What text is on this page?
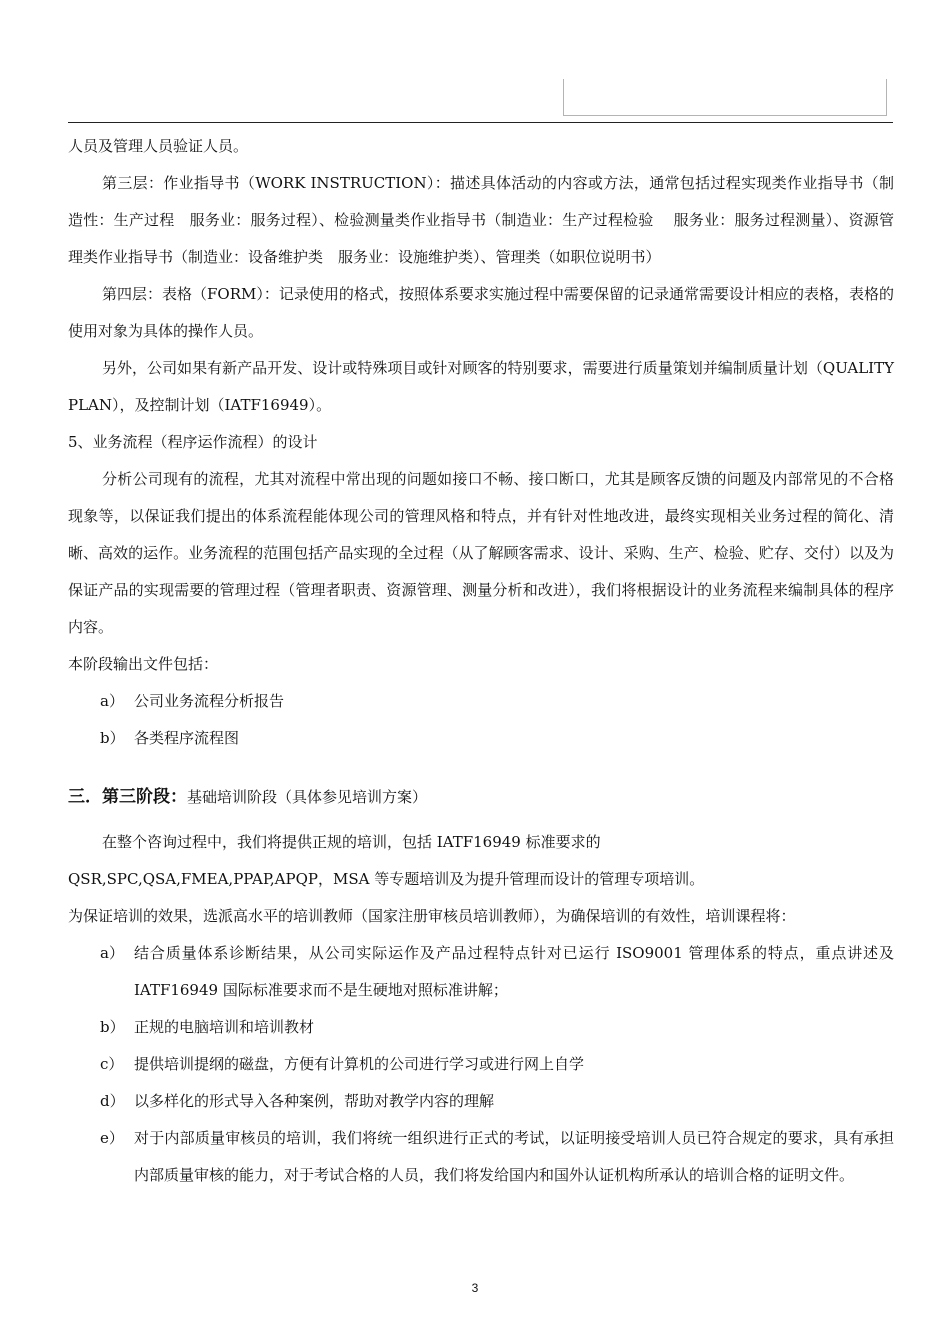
人员及管理人员验证人员。

第三层：作业指导书（WORK INSTRUCTION）：描述具体活动的内容或方法，通常包括过程实现类作业指导书（制造性：生产过程　服务业：服务过程）、检验测量类作业指导书（制造业：生产过程检验　 服务业：服务过程测量）、资源管理类作业指导书（制造业：设备维护类　服务业：设施维护类）、管理类（如职位说明书）

第四层：表格（FORM）：记录使用的格式，按照体系要求实施过程中需要保留的记录通常需要设计相应的表格，表格的使用对象为具体的操作人员。

另外，公司如果有新产品开发、设计或特殊项目或针对顾客的特别要求，需要进行质量策划并编制质量计划（QUALITY PLAN），及控制计划（IATF16949）。

5、业务流程（程序运作流程）的设计

分析公司现有的流程，尤其对流程中常出现的问题如接口不畅、接口断口，尤其是顾客反馈的问题及内部常见的不合格现象等，以保证我们提出的体系流程能体现公司的管理风格和特点，并有针对性地改进，最终实现相关业务过程的简化、清晰、高效的运作。业务流程的范围包括产品实现的全过程（从了解顾客需求、设计、采购、生产、检验、贮存、交付）以及为保证产品的实现需要的管理过程（管理者职责、资源管理、测量分析和改进），我们将根据设计的业务流程来编制具体的程序内容。

本阶段输出文件包括：

a） 公司业务流程分析报告
b） 各类程序流程图

三．第三阶段：基础培训阶段（具体参见培训方案）

在整个咨询过程中，我们将提供正规的培训，包括 IATF16949 标准要求的

QSR,SPC,QSA,FMEA,PPAP,APQP，MSA 等专题培训及为提升管理而设计的管理专项培训。

为保证培训的效果，选派高水平的培训教师（国家注册审核员培训教师），为确保培训的有效性，培训课程将：

a） 结合质量体系诊断结果，从公司实际运作及产品过程特点针对已运行 ISO9001 管理体系的特点，重点讲述及 IATF16949 国际标准要求而不是生硬地对照标准讲解；
b） 正规的电脑培训和培训教材
c） 提供培训提纲的磁盘，方便有计算机的公司进行学习或进行网上自学
d） 以多样化的形式导入各种案例，帮助对教学内容的理解
e） 对于内部质量审核员的培训，我们将统一组织进行正式的考试，以证明接受培训人员已符合规定的要求，具有承担内部质量审核的能力，对于考试合格的人员，我们将发给国内和国外认证机构所承认的培训合格的证明文件。
3
